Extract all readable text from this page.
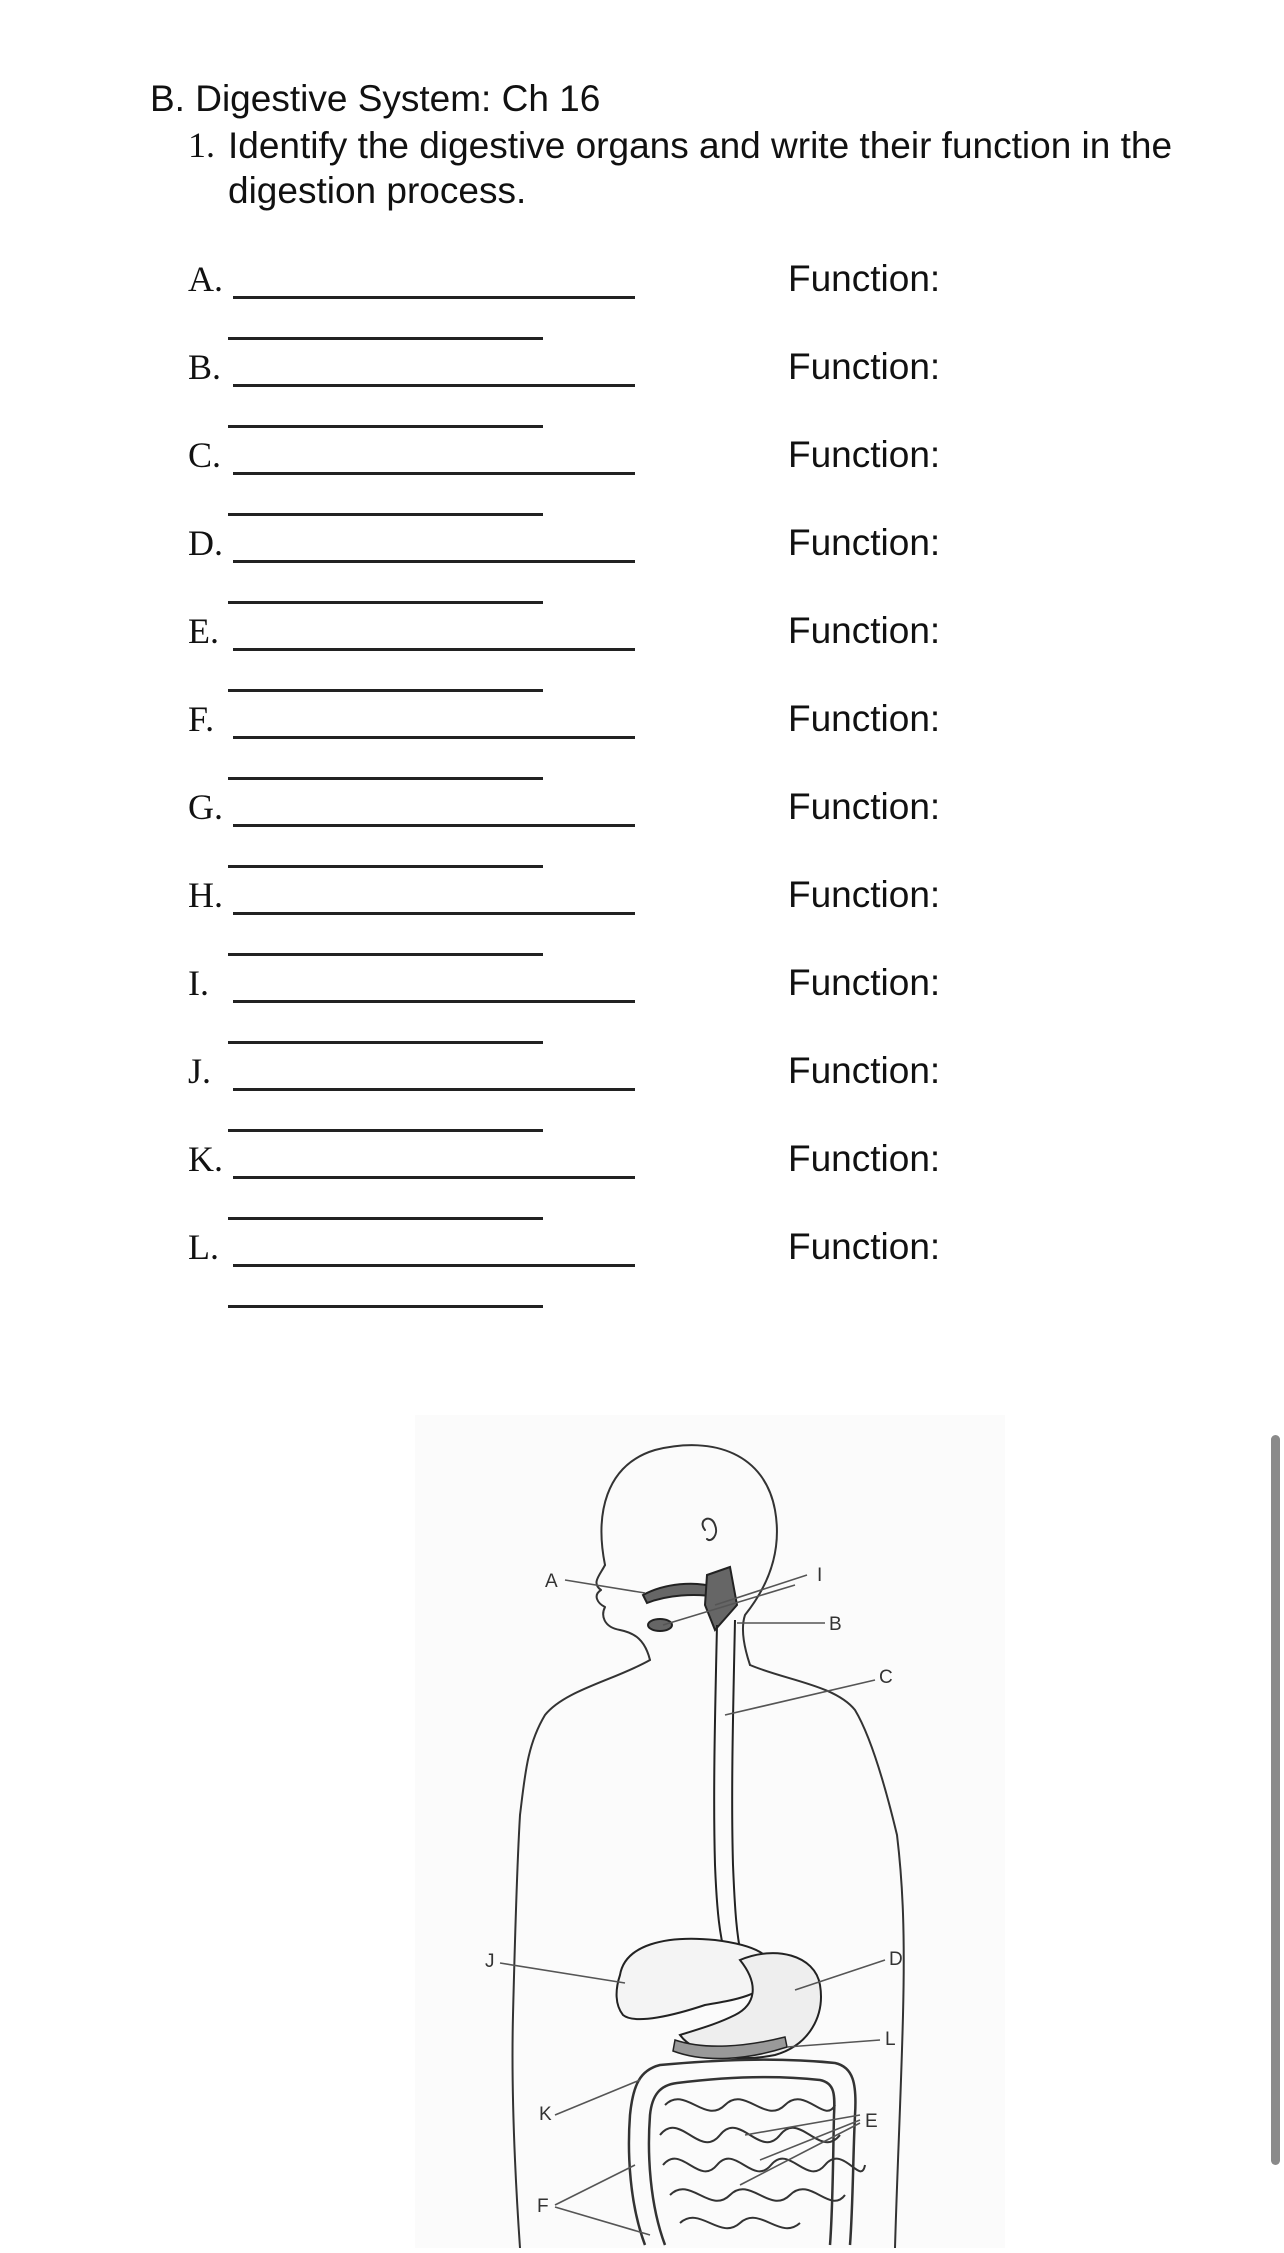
B. Digestive System: Ch 16
1. Identify the digestive organs and write their function in the digestion process.
A.	Function:
B.	Function:
C.	Function:
D.	Function:
E.	Function:
F.	Function:
G.	Function:
H.	Function:
I.	Function:
J.	Function:
K.	Function:
L.	Function:
A	I
B
C
D
J
K
L
E
F
